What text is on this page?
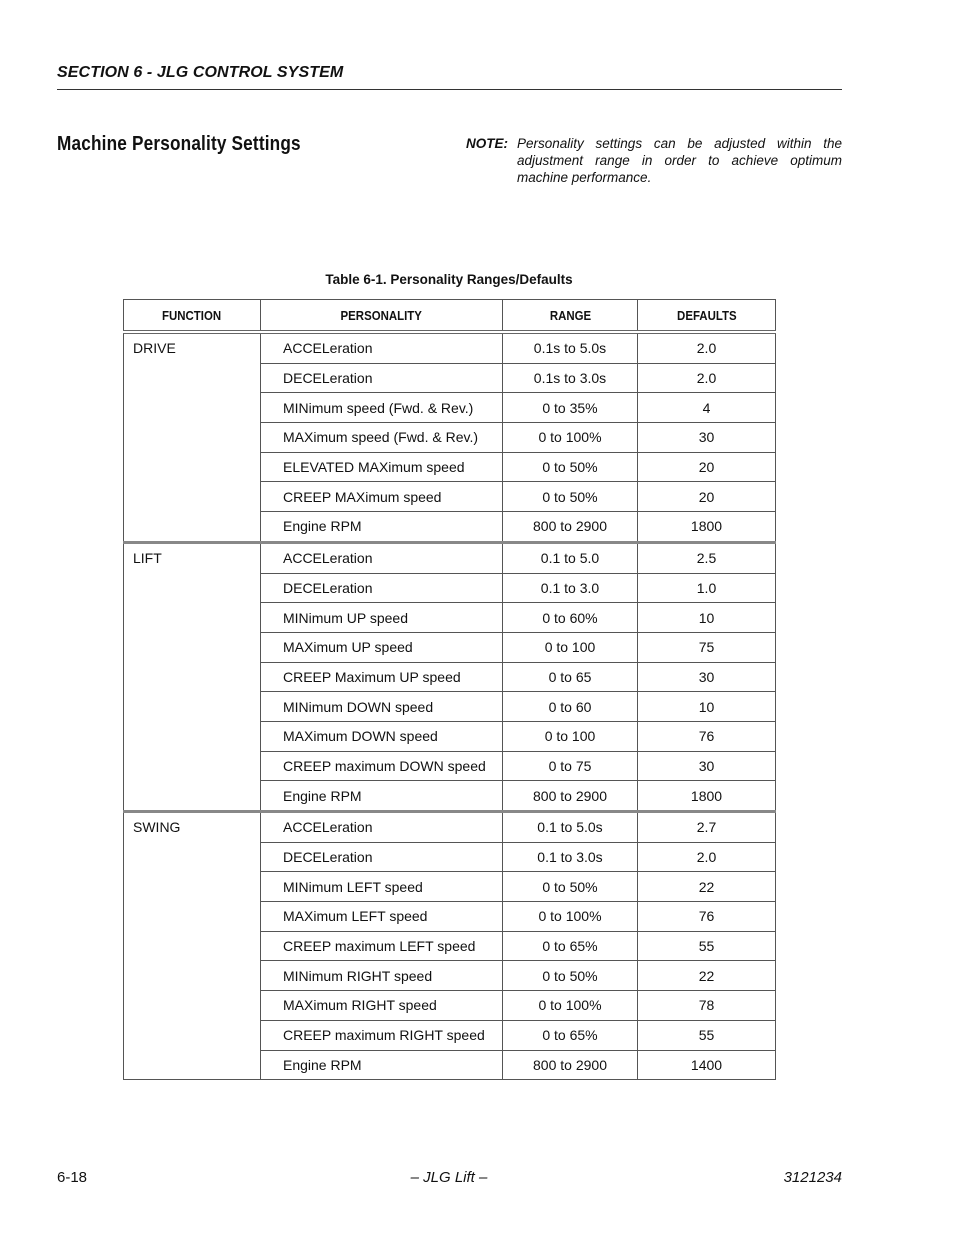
SECTION 6 - JLG CONTROL SYSTEM
Machine Personality Settings	NOTE: Personality settings can be adjusted within the adjustment range in order to achieve optimum machine performance.
Table 6-1. Personality Ranges/Defaults
FUNCTION	PERSONALITY	RANGE	DEFAULTS
DRIVE	ACCELeration	0.1s to 5.0s	2.0
	DECELeration	0.1s to 3.0s	2.0
	MINimum speed (Fwd. & Rev.)	0 to 35%	4
	MAXimum speed (Fwd. & Rev.)	0 to 100%	30
	ELEVATED MAXimum speed	0 to 50%	20
	CREEP MAXimum speed	0 to 50%	20
	Engine RPM	800 to 2900	1800
LIFT	ACCELeration	0.1 to 5.0	2.5
	DECELeration	0.1 to 3.0	1.0
	MINimum UP speed	0 to 60%	10
	MAXimum UP speed	0 to 100	75
	CREEP Maximum UP speed	0 to 65	30
	MINimum DOWN speed	0 to 60	10
	MAXimum DOWN speed	0 to 100	76
	CREEP maximum DOWN speed	0 to 75	30
	Engine RPM	800 to 2900	1800
SWING	ACCELeration	0.1 to 5.0s	2.7
	DECELeration	0.1 to 3.0s	2.0
	MINimum LEFT speed	0 to 50%	22
	MAXimum LEFT speed	0 to 100%	76
	CREEP maximum LEFT speed	0 to 65%	55
	MINimum RIGHT speed	0 to 50%	22
	MAXimum RIGHT speed	0 to 100%	78
	CREEP maximum RIGHT speed	0 to 65%	55
	Engine RPM	800 to 2900	1400
6-18	– JLG Lift –	3121234
